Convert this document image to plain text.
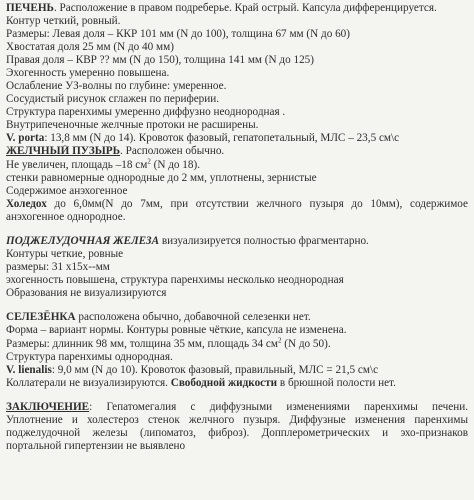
ПЕЧЕНЬ. Расположение в правом подреберье. Край острый. Капсула дифференцируется.
Контур четкий, ровный.
Размеры: Левая доля – ККР 101 мм (N до 100), толщина 67 мм (N до 60)
Хвостатая доля 25 мм (N до 40 мм)
Правая доля – КВР ?? мм (N до 150), толщина 141 мм (N до 125)
Эхогенность умеренно повышена.
Ослабление УЗ-волны по глубине: умеренное.
Сосудистый рисунок сглажен по периферии.
Структура паренхимы умеренно диффузно неоднородная .
Внутрипеченочные желчные протоки не расширены.
V. porta: 13,8 мм (N до 14). Кровоток фазовый, гепатопетальный, МЛС – 23,5 см\с
ЖЕЛЧНЫЙ ПУЗЫРЬ. Расположен обычно.
Не увеличен, площадь –18 $см^2$ (N до 18).
стенки равномерные однородные до 2 мм, уплотнены, зернистые
Содержимое анэхогенное
Холедох до 6,0мм(N до 7мм, при отсутствии желчного пузыря до 10мм), содержимое
анэхогенное однородное.
ПОДЖЕЛУДОЧНАЯ ЖЕЛЕЗА визуализируется полностью фрагментарно.
Контуры четкие, ровные
размеры: 31 х15х--мм
эхогенность повышена, структура паренхимы несколько неоднородная
Образования не визуализируются
СЕЛЕЗЁНКА расположена обычно, добавочной селезенки нет.
Форма – вариант нормы. Контуры ровные чёткие, капсула не изменена.
Размеры: длинник 98 мм, толщина 35 мм, площадь 34 $см^2$ (N до 50).
Структура паренхимы однородная.
V. lienalis: 9,0 мм (N до 10). Кровоток фазовый, правильный, МЛС = 21,5 см\с
Коллатерали не визуализируются. Свободной жидкости в брюшной полости нет.
ЗАКЛЮЧЕНИЕ: Гепатомегалия с диффузными изменениями паренхимы печени.
Уплотнение и холестероз стенок желчного пузыря. Диффузные изменения паренхимы
поджелудочной железы (липоматоз, фиброз). Допплерометрических и эхо-признаков
портальной гипертензии не выявлено
